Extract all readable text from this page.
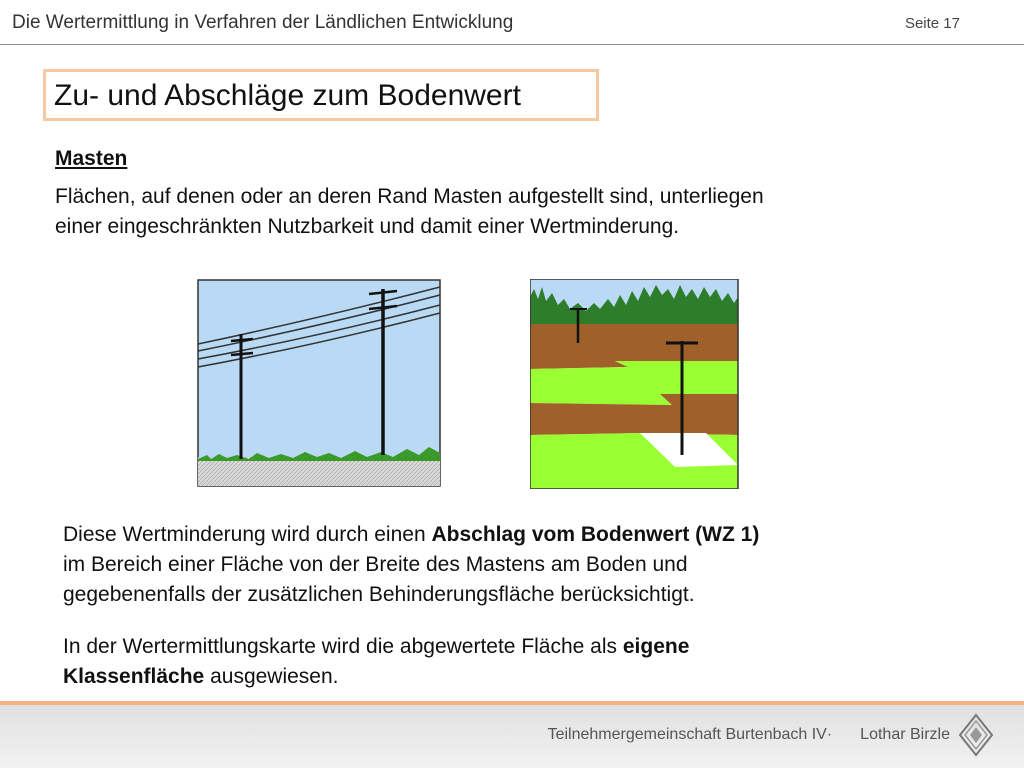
Die Wertermittlung in Verfahren der Ländlichen Entwicklung	Seite 17
Zu- und Abschläge zum Bodenwert
Masten
Flächen, auf denen oder an deren Rand Masten aufgestellt sind, unterliegen
einer eingeschränkten Nutzbarkeit und damit einer Wertminderung.
Diese Wertminderung wird durch einen Abschlag vom Bodenwert (WZ 1)
im Bereich einer Fläche von der Breite des Mastens am Boden und
gegebenenfalls der zusätzlichen Behinderungsfläche berücksichtigt.
In der Wertermittlungskarte wird die abgewertete Fläche als eigene
Klassenfläche ausgewiesen.
Teilnehmergemeinschaft Burtenbach IV· Lothar Birzle
